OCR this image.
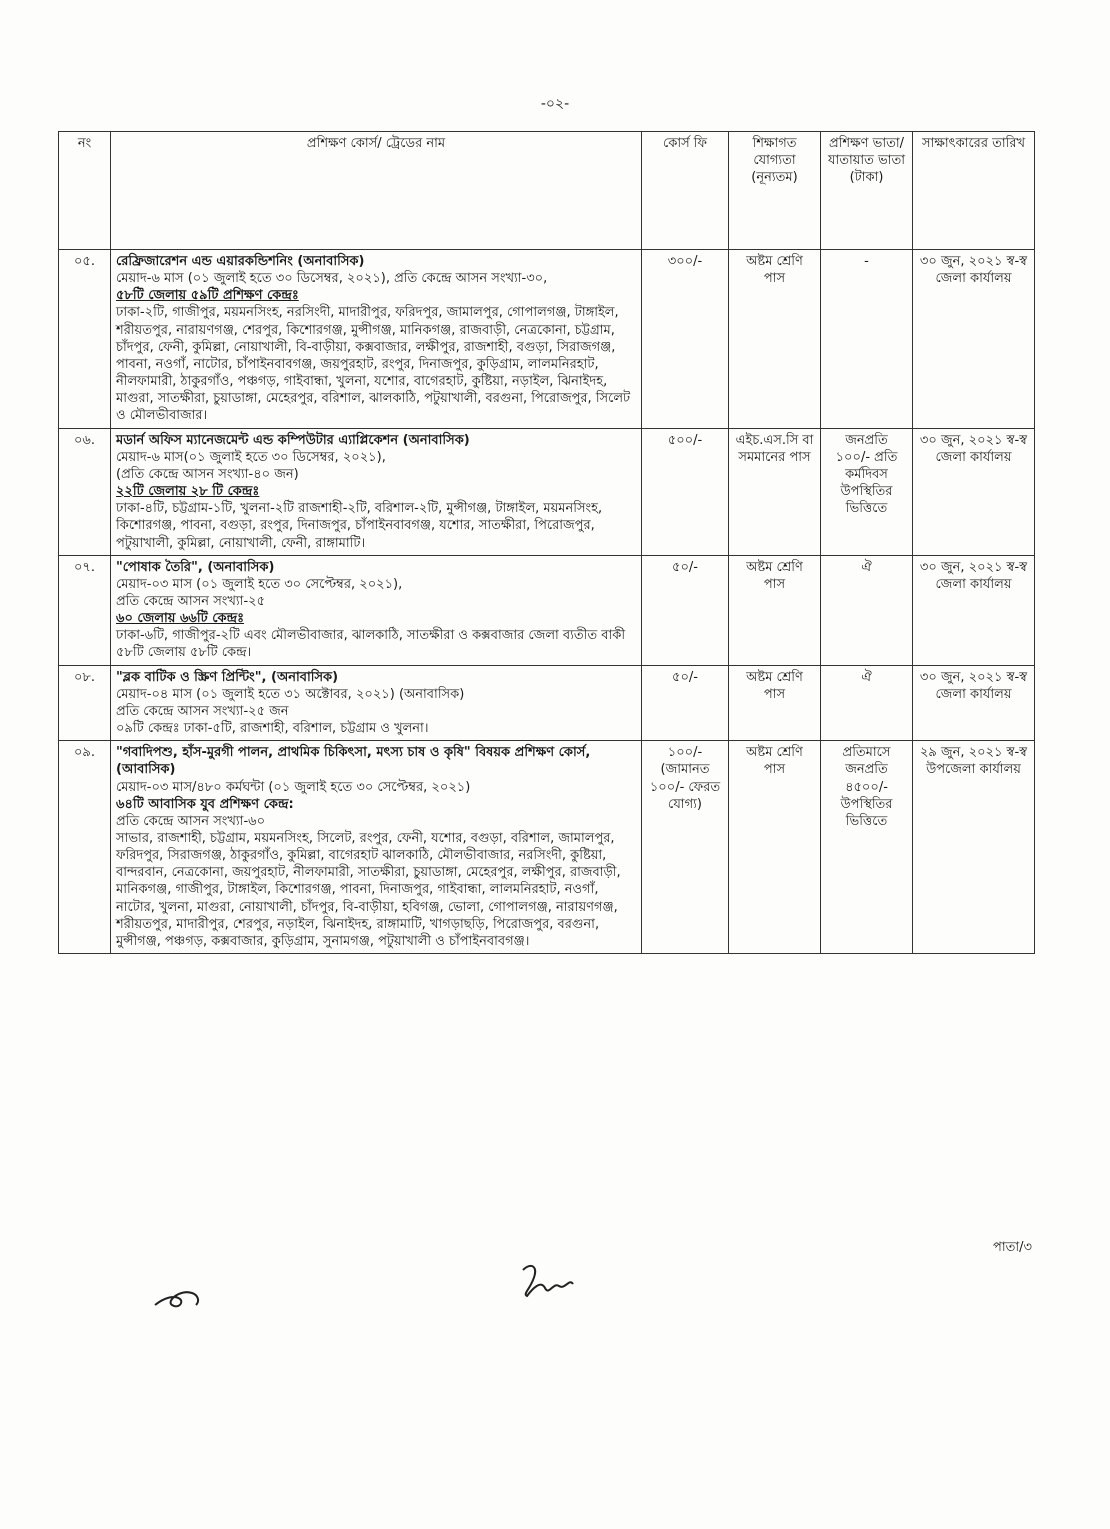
-০২-
নং	প্রশিক্ষণ কোর্স/ ট্রেডের নাম	কোর্স ফি	শিক্ষাগত যোগ্যতা (নূন্যতম)	প্রশিক্ষণ ভাতা/ যাতায়াত ভাতা (টাকা)	সাক্ষাৎকারের তারিখ
০৫.	রেফ্রিজারেশন এন্ড এয়ারকন্ডিশনিং (অনাবাসিক)
মেয়াদ-৬ মাস (০১ জুলাই হতে ৩০ ডিসেম্বর, ২০২১), প্রতি কেন্দ্রে আসন সংখ্যা-৩০,
৫৮টি জেলায় ৫৯টি প্রশিক্ষণ কেন্দ্রঃ
ঢাকা-২টি, গাজীপুর, ময়মনসিংহ, নরসিংদী, মাদারীপুর, ফরিদপুর, জামালপুর, গোপালগঞ্জ, টাঙ্গাইল, শরীয়তপুর, নারায়ণগঞ্জ, শেরপুর, কিশোরগঞ্জ, মুন্সীগঞ্জ, মানিকগঞ্জ, রাজবাড়ী, নেত্রকোনা, চট্টগ্রাম, চাঁদপুর, ফেনী, কুমিল্লা, নোয়াখালী, বি-বাড়ীয়া, কক্সবাজার, লক্ষীপুর, রাজশাহী, বগুড়া, সিরাজগঞ্জ, পাবনা, নওগাঁ, নাটোর, চাঁপাইনবাবগঞ্জ, জয়পুরহাট, রংপুর, দিনাজপুর, কুড়িগ্রাম, লালমনিরহাট, নীলফামারী, ঠাকুরগাঁও, পঞ্চগড়, গাইবান্ধা, খুলনা, যশোর, বাগেরহাট, কুষ্টিয়া, নড়াইল, ঝিনাইদহ, মাগুরা, সাতক্ষীরা, চুয়াডাঙ্গা, মেহেরপুর, বরিশাল, ঝালকাঠি, পটুয়াখালী, বরগুনা, পিরোজপুর, সিলেট ও মৌলভীবাজার।	৩০০/-	অষ্টম শ্রেণি পাস	-	৩০ জুন, ২০২১ স্ব-স্ব জেলা কার্যালয়
০৬.	মডার্ন অফিস ম্যানেজমেন্ট এন্ড কম্পিউটার এ্যাপ্লিকেশন (অনাবাসিক)
মেয়াদ-৬ মাস(০১ জুলাই হতে ৩০ ডিসেম্বর, ২০২১),
(প্রতি কেন্দ্রে আসন সংখ্যা-৪০ জন)
২২টি জেলায় ২৮ টি কেন্দ্রঃ
ঢাকা-৪টি, চট্টগ্রাম-১টি, খুলনা-২টি রাজশাহী-২টি, বরিশাল-২টি, মুন্সীগঞ্জ, টাঙ্গাইল, ময়মনসিংহ, কিশোরগঞ্জ, পাবনা, বগুড়া, রংপুর, দিনাজপুর, চাঁপাইনবাবগঞ্জ, যশোর, সাতক্ষীরা, পিরোজপুর, পটুয়াখালী, কুমিল্লা, নোয়াখালী, ফেনী, রাঙ্গামাটি।	৫০০/-	এইচ.এস.সি বা সমমানের পাস	জনপ্রতি ১০০/- প্রতি কর্মদিবস উপস্থিতির ভিত্তিতে	৩০ জুন, ২০২১ স্ব-স্ব জেলা কার্যালয়
০৭.	"পোষাক তৈরি", (অনাবাসিক)
মেয়াদ-০৩ মাস (০১ জুলাই হতে ৩০ সেপ্টেম্বর, ২০২১),
প্রতি কেন্দ্রে আসন সংখ্যা-২৫
৬০ জেলায় ৬৬টি কেন্দ্রঃ
ঢাকা-৬টি, গাজীপুর-২টি এবং মৌলভীবাজার, ঝালকাঠি, সাতক্ষীরা ও কক্সবাজার জেলা ব্যতীত বাকী ৫৮টি জেলায় ৫৮টি কেন্দ্র।	৫০/-	অষ্টম শ্রেণি পাস	ঐ	৩০ জুন, ২০২১ স্ব-স্ব জেলা কার্যালয়
০৮.	"ব্লক বাটিক ও স্ক্রিণ প্রিন্টিং", (অনাবাসিক)
মেয়াদ-০৪ মাস (০১ জুলাই হতে ৩১ অক্টোবর, ২০২১) (অনাবাসিক)
প্রতি কেন্দ্রে আসন সংখ্যা-২৫ জন
০৯টি কেন্দ্রঃ ঢাকা-৫টি, রাজশাহী, বরিশাল, চট্টগ্রাম ও খুলনা।	৫০/-	অষ্টম শ্রেণি পাস	ঐ	৩০ জুন, ২০২১ স্ব-স্ব জেলা কার্যালয়
০৯.	"গবাদিপশু, হাঁস-মুরগী পালন, প্রাথমিক চিকিৎসা, মৎস্য চাষ ও কৃষি" বিষয়ক প্রশিক্ষণ কোর্স, (আবাসিক)
মেয়াদ-০৩ মাস/৪৮০ কর্মঘন্টা (০১ জুলাই হতে ৩০ সেপ্টেম্বর, ২০২১)
৬৪টি আবাসিক যুব প্রশিক্ষণ কেন্দ্র:
প্রতি কেন্দ্রে আসন সংখ্যা-৬০
সাভার, রাজশাহী, চট্টগ্রাম, ময়মনসিংহ, সিলেট, রংপুর, ফেনী, যশোর, বগুড়া, বরিশাল, জামালপুর, ফরিদপুর, সিরাজগঞ্জ, ঠাকুরগাঁও, কুমিল্লা, বাগেরহাট ঝালকাঠি, মৌলভীবাজার, নরসিংদী, কুষ্টিয়া, বান্দরবান, নেত্রকোনা, জয়পুরহাট, নীলফামারী, সাতক্ষীরা, চুয়াডাঙ্গা, মেহেরপুর, লক্ষীপুর, রাজবাড়ী, মানিকগঞ্জ, গাজীপুর, টাঙ্গাইল, কিশোরগঞ্জ, পাবনা, দিনাজপুর, গাইবান্ধা, লালমনিরহাট, নওগাঁ, নাটোর, খুলনা, মাগুরা, নোয়াখালী, চাঁদপুর, বি-বাড়ীয়া, হবিগঞ্জ, ভোলা, গোপালগঞ্জ, নারায়ণগঞ্জ, শরীয়তপুর, মাদারীপুর, শেরপুর, নড়াইল, ঝিনাইদহ, রাঙ্গামাটি, খাগড়াছড়ি, পিরোজপুর, বরগুনা, মুন্সীগঞ্জ, পঞ্চগড়, কক্সবাজার, কুড়িগ্রাম, সুনামগঞ্জ, পটুয়াখালী ও চাঁপাইনবাবগঞ্জ।	১০০/- (জামানত ১০০/- ফেরত যোগ্য)	অষ্টম শ্রেণি পাস	প্রতিমাসে জনপ্রতি ৪৫০০/- উপস্থিতির ভিত্তিতে	২৯ জুন, ২০২১ স্ব-স্ব উপজেলা কার্যালয়
পাতা/৩
